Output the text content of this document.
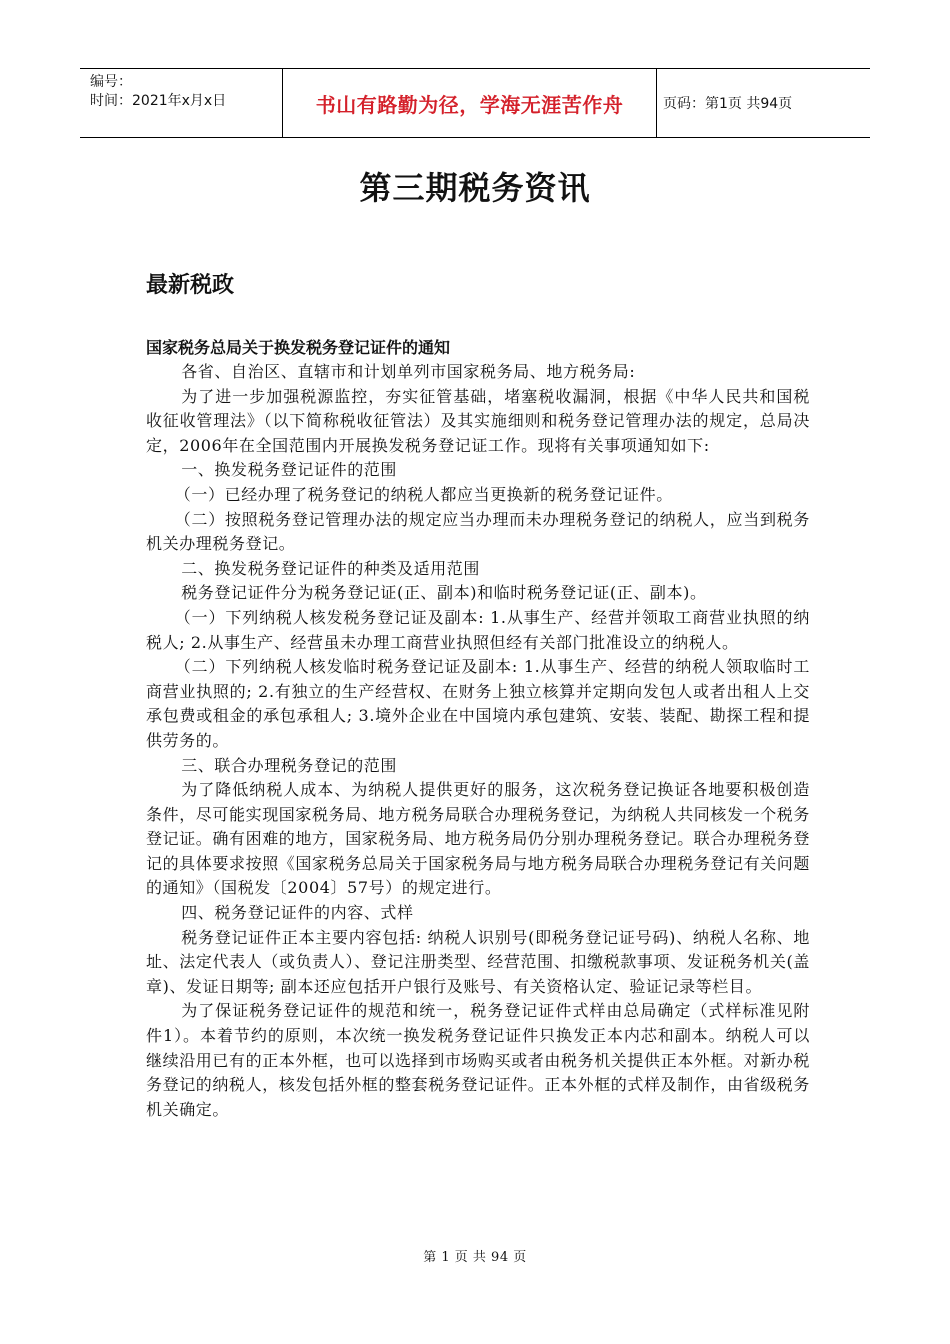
编号：
时间：2021年x月x日	书山有路勤为径，学海无涯苦作舟	页码：第1页 共94页
第三期税务资讯
最新税政
国家税务总局关于换发税务登记证件的通知

各省、自治区、直辖市和计划单列市国家税务局、地方税务局:

为了进一步加强税源监控，夯实征管基础，堵塞税收漏洞，根据《中华人民共和国税收征收管理法》（以下简称税收征管法）及其实施细则和税务登记管理办法的规定，总局决定，2006年在全国范围内开展换发税务登记证工作。现将有关事项通知如下:

一、换发税务登记证件的范围

（一）已经办理了税务登记的纳税人都应当更换新的税务登记证件。

（二）按照税务登记管理办法的规定应当办理而未办理税务登记的纳税人，应当到税务机关办理税务登记。

二、换发税务登记证件的种类及适用范围

税务登记证件分为税务登记证(正、副本)和临时税务登记证(正、副本)。

（一）下列纳税人核发税务登记证及副本: 1.从事生产、经营并领取工商营业执照的纳税人; 2.从事生产、经营虽未办理工商营业执照但经有关部门批准设立的纳税人。

（二）下列纳税人核发临时税务登记证及副本: 1.从事生产、经营的纳税人领取临时工商营业执照的; 2.有独立的生产经营权、在财务上独立核算并定期向发包人或者出租人上交承包费或租金的承包承租人; 3.境外企业在中国境内承包建筑、安装、装配、勘探工程和提供劳务的。

三、联合办理税务登记的范围

为了降低纳税人成本、为纳税人提供更好的服务，这次税务登记换证各地要积极创造条件，尽可能实现国家税务局、地方税务局联合办理税务登记，为纳税人共同核发一个税务登记证。确有困难的地方，国家税务局、地方税务局仍分别办理税务登记。联合办理税务登记的具体要求按照《国家税务总局关于国家税务局与地方税务局联合办理税务登记有关问题的通知》（国税发〔2004〕57号）的规定进行。

四、税务登记证件的内容、式样

税务登记证件正本主要内容包括: 纳税人识别号(即税务登记证号码)、纳税人名称、地址、法定代表人（或负责人）、登记注册类型、经营范围、扣缴税款事项、发证税务机关(盖章)、发证日期等; 副本还应包括开户银行及账号、有关资格认定、验证记录等栏目。

为了保证税务登记证件的规范和统一，税务登记证件式样由总局确定（式样标准见附件1）。本着节约的原则，本次统一换发税务登记证件只换发正本内芯和副本。纳税人可以继续沿用已有的正本外框，也可以选择到市场购买或者由税务机关提供正本外框。对新办税务登记的纳税人，核发包括外框的整套税务登记证件。正本外框的式样及制作，由省级税务机关确定。

第 1 页 共 94 页
